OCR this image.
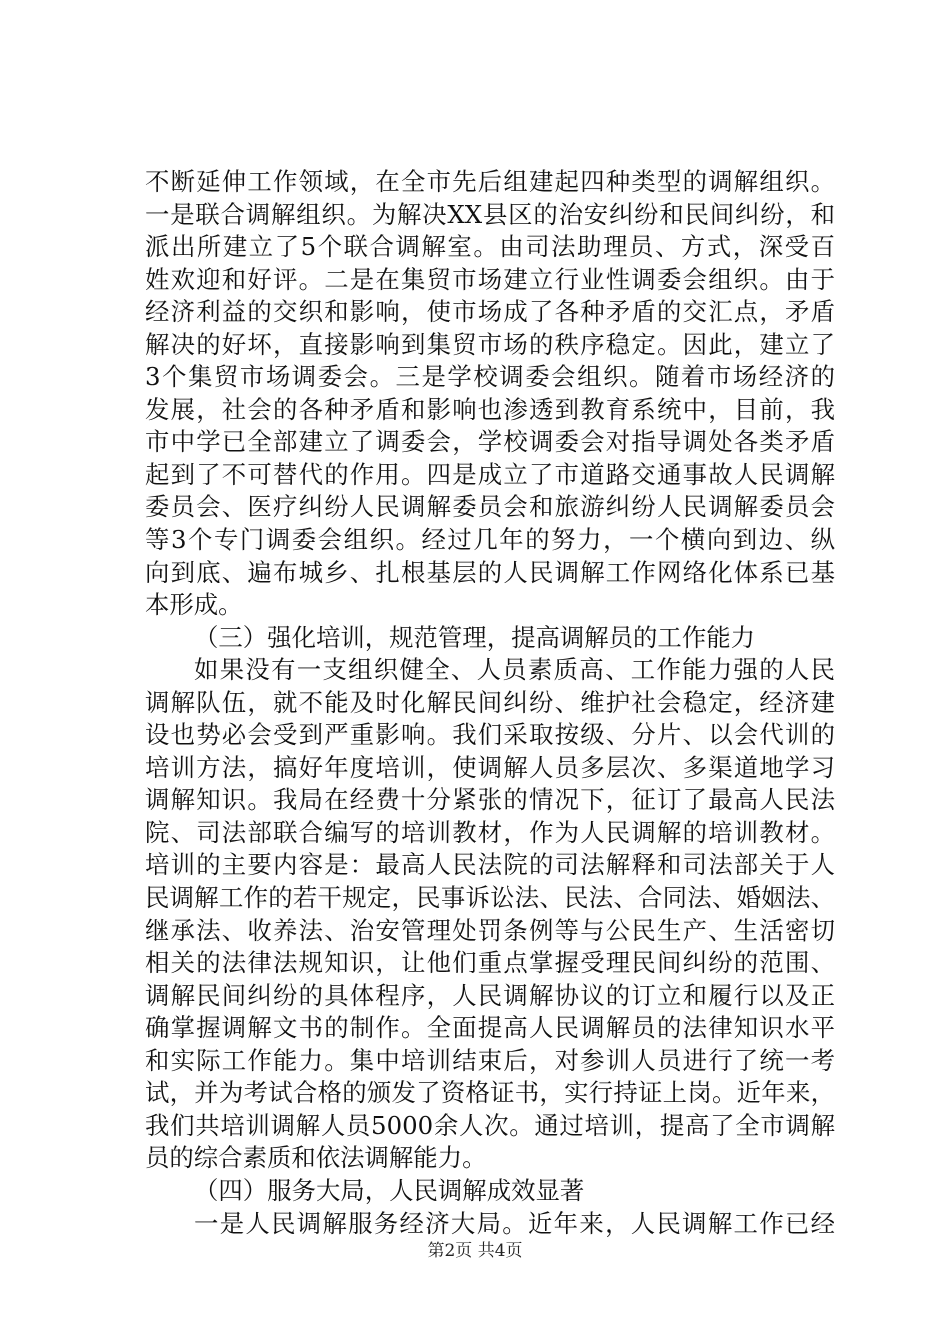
不断延伸工作领域，在全市先后组建起四种类型的调解组织。
一是联合调解组织。为解决XX县区的治安纠纷和民间纠纷，和
派出所建立了5个联合调解室。由司法助理员、方式，深受百
姓欢迎和好评。二是在集贸市场建立行业性调委会组织。由于
经济利益的交织和影响，使市场成了各种矛盾的交汇点，矛盾
解决的好坏，直接影响到集贸市场的秩序稳定。因此，建立了
3个集贸市场调委会。三是学校调委会组织。随着市场经济的
发展，社会的各种矛盾和影响也渗透到教育系统中，目前，我
市中学已全部建立了调委会，学校调委会对指导调处各类矛盾
起到了不可替代的作用。四是成立了市道路交通事故人民调解
委员会、医疗纠纷人民调解委员会和旅游纠纷人民调解委员会
等3个专门调委会组织。经过几年的努力，一个横向到边、纵
向到底、遍布城乡、扎根基层的人民调解工作网络化体系已基
本形成。
（三）强化培训，规范管理，提高调解员的工作能力
如果没有一支组织健全、人员素质高、工作能力强的人民
调解队伍，就不能及时化解民间纠纷、维护社会稳定，经济建
设也势必会受到严重影响。我们采取按级、分片、以会代训的
培训方法，搞好年度培训，使调解人员多层次、多渠道地学习
调解知识。我局在经费十分紧张的情况下，征订了最高人民法
院、司法部联合编写的培训教材，作为人民调解的培训教材。
培训的主要内容是：最高人民法院的司法解释和司法部关于人
民调解工作的若干规定，民事诉讼法、民法、合同法、婚姻法、
继承法、收养法、治安管理处罚条例等与公民生产、生活密切
相关的法律法规知识，让他们重点掌握受理民间纠纷的范围、
调解民间纠纷的具体程序，人民调解协议的订立和履行以及正
确掌握调解文书的制作。全面提高人民调解员的法律知识水平
和实际工作能力。集中培训结束后，对参训人员进行了统一考
试，并为考试合格的颁发了资格证书，实行持证上岗。近年来，
我们共培训调解人员5000余人次。通过培训，提高了全市调解
员的综合素质和依法调解能力。
（四）服务大局，人民调解成效显著
一是人民调解服务经济大局。近年来，人民调解工作已经
第2页 共4页
